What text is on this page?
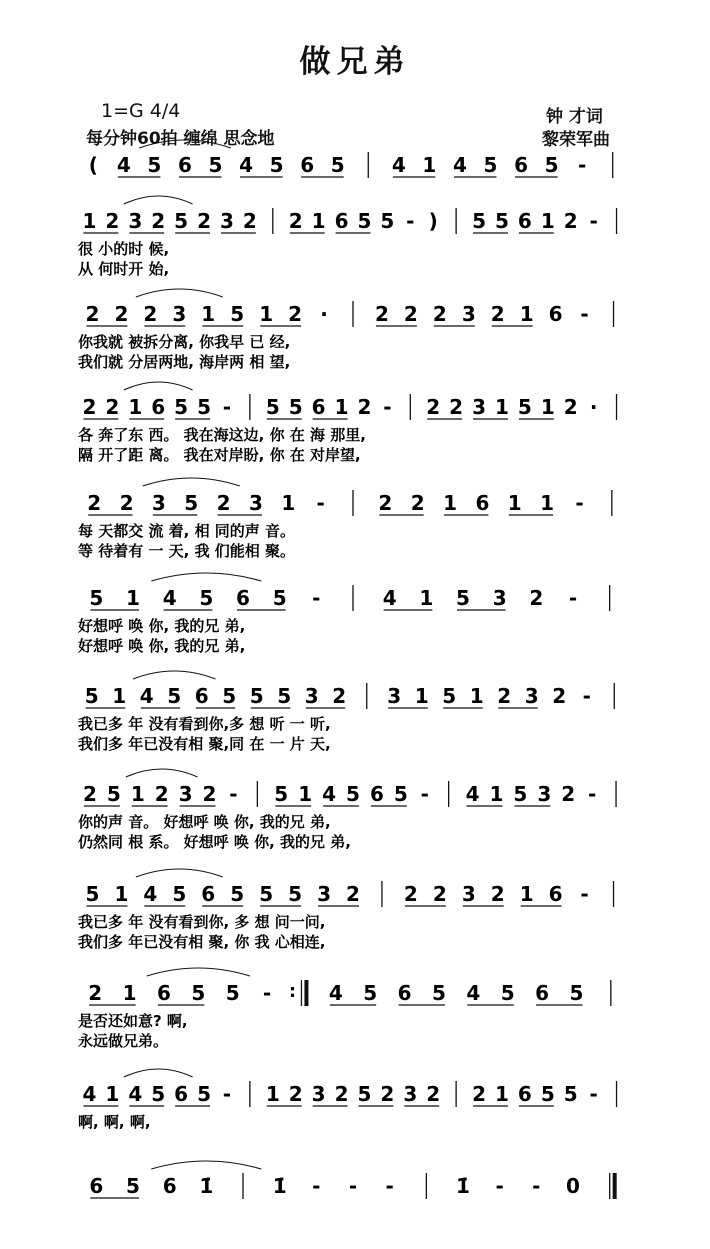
做兄弟
1=G 4/4
每分钟60拍 缠绵 思念地
钟 才词
黎荣军曲
( 4 5 6 5 4 5 6 5 4 1 4 5 6 5 -
1 2 3 2 5 2 3 2 2 1 6 5 5 - ) 5 5 6 1 2 -
很 小的时 候,
从 何时开 始,
2 2 2 3 1 5 1 2 · 2 2 2 3 2 1 6 -
你我就 被拆分离, 你我早 已 经,
我们就 分居两地, 海岸两 相 望,
2 2 1 6 5 5 - 5 5 6 1 2 - 2 2 3 1 5 1 2 ·
各 奔了东 西。 我在海这边, 你 在 海 那里,
隔 开了距 离。 我在对岸盼, 你 在 对岸望,
2 2 3 5 2 3 1 -	2 2 1 6 1 1 -
每 天都交 流 着, 相 同的声 音。
等 待着有 一 天, 我 们能相 聚。
5 1 4 5 6 5 -	4 1 5 3 2 -
好想呼 唤 你, 我的兄 弟,
好想呼 唤 你, 我的兄 弟,
5 1 4 5 6 5 5 5 3 2 3 1 5 1 2 3 2 -
我已多 年 没有看到你,多 想 听 一 听,
我们多 年已没有相 聚,同 在 一 片 天,
2 5 1 2 3 2 - 5 1 4 5 6 5 - 4 1 5 3 2 -
你的声 音。 好想呼 唤 你, 我的兄 弟,
仍然同 根 系。 好想呼 唤 你, 我的兄 弟,
5 1 4 5 6 5 5 5 3 2 2 2 3 2 1 6 -
我已多 年 没有看到你, 多 想 问一问,
我们多 年已没有相 聚, 你 我 心相连,
2 1 6 5 5 - : 4 5 6 5 4 5 6 5
是否还如意? 啊,
永远做兄弟。
4 1 4 5 6 5 - 1 2 3 2 5 2 3 2 2 1 6 5 5 -
啊, 啊, 啊,
6 5 6 1̇	1̇ - - -	1̇ - - 0
